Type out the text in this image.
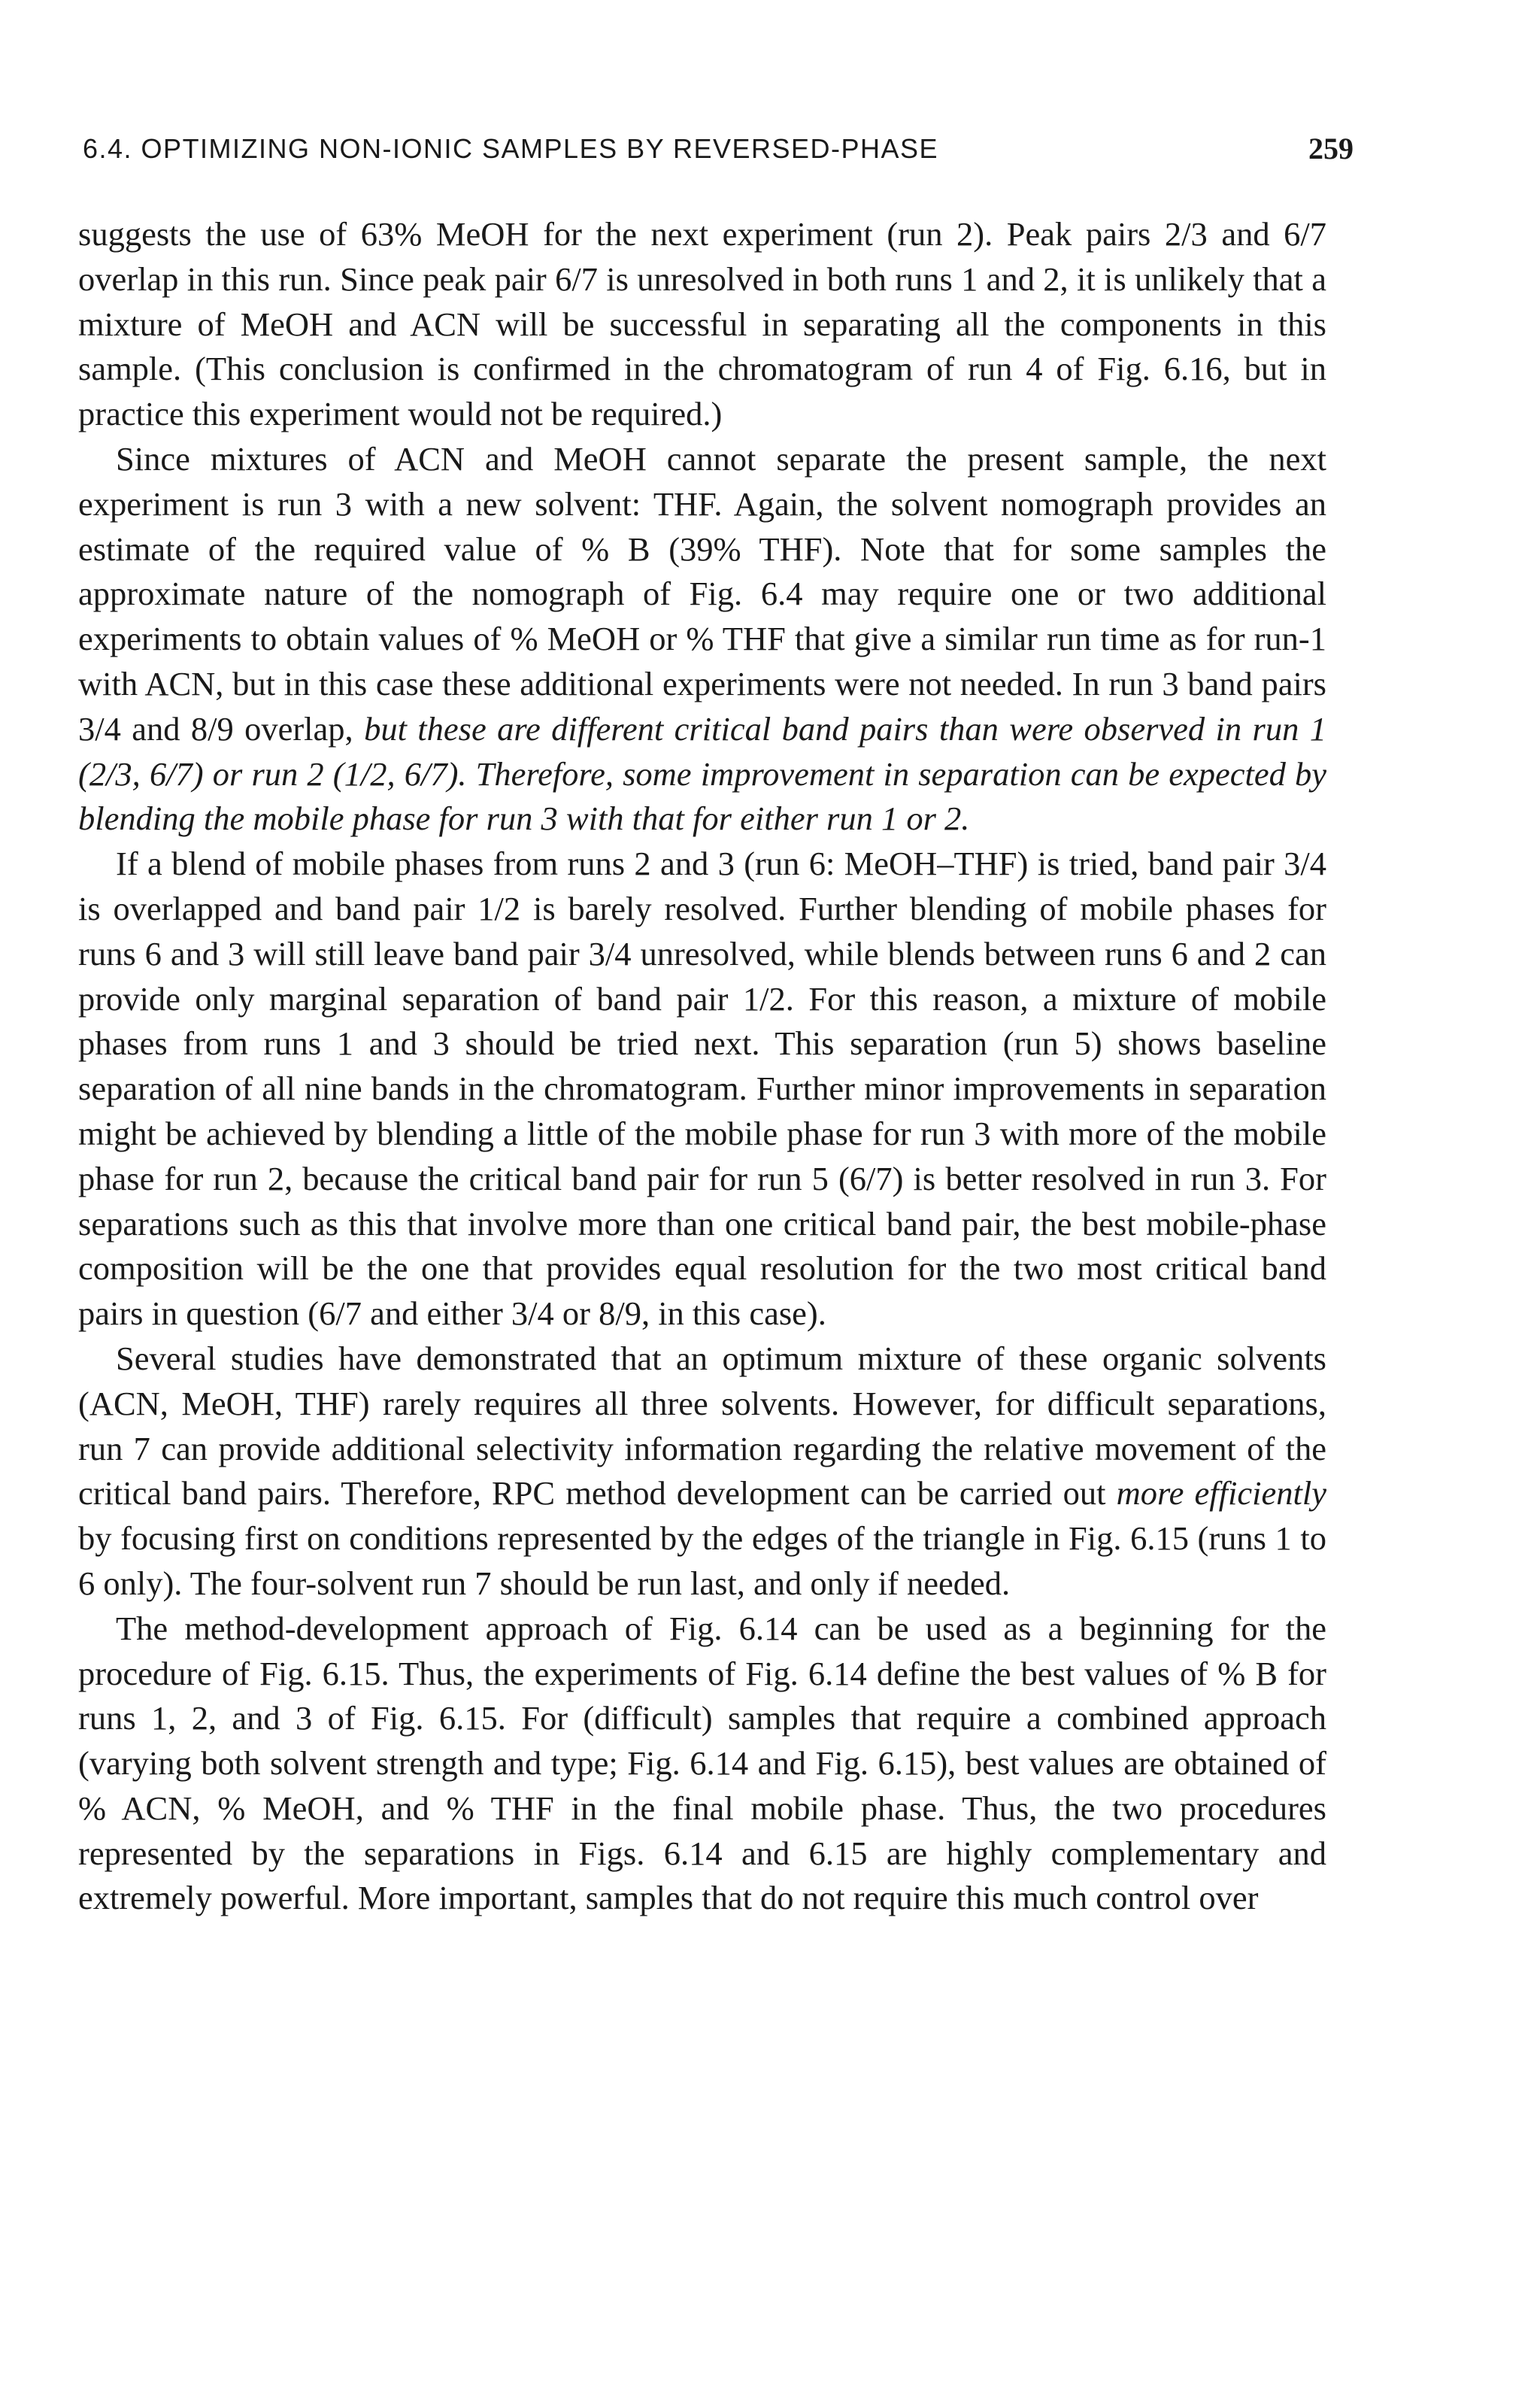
6.4. OPTIMIZING NON-IONIC SAMPLES BY REVERSED-PHASE	259

suggests the use of 63% MeOH for the next experiment (run 2). Peak pairs 2/3 and 6/7 overlap in this run. Since peak pair 6/7 is unresolved in both runs 1 and 2, it is unlikely that a mixture of MeOH and ACN will be successful in separating all the components in this sample. (This conclusion is confirmed in the chromatogram of run 4 of Fig. 6.16, but in practice this experiment would not be required.)

Since mixtures of ACN and MeOH cannot separate the present sample, the next experiment is run 3 with a new solvent: THF. Again, the solvent nomograph provides an estimate of the required value of % B (39% THF). Note that for some samples the approximate nature of the nomograph of Fig. 6.4 may require one or two additional experiments to obtain values of % MeOH or % THF that give a similar run time as for run-1 with ACN, but in this case these additional experiments were not needed. In run 3 band pairs 3/4 and 8/9 overlap, but these are different critical band pairs than were observed in run 1 (2/3, 6/7) or run 2 (1/2, 6/7). Therefore, some improvement in separation can be expected by blending the mobile phase for run 3 with that for either run 1 or 2.

If a blend of mobile phases from runs 2 and 3 (run 6: MeOH–THF) is tried, band pair 3/4 is overlapped and band pair 1/2 is barely resolved. Further blending of mobile phases for runs 6 and 3 will still leave band pair 3/4 unresolved, while blends between runs 6 and 2 can provide only marginal separation of band pair 1/2. For this reason, a mixture of mobile phases from runs 1 and 3 should be tried next. This separation (run 5) shows baseline separation of all nine bands in the chromatogram. Further minor improvements in separation might be achieved by blending a little of the mobile phase for run 3 with more of the mobile phase for run 2, because the critical band pair for run 5 (6/7) is better resolved in run 3. For separations such as this that involve more than one critical band pair, the best mobile-phase composition will be the one that provides equal resolution for the two most critical band pairs in question (6/7 and either 3/4 or 8/9, in this case).

Several studies have demonstrated that an optimum mixture of these organic solvents (ACN, MeOH, THF) rarely requires all three solvents. However, for difficult separations, run 7 can provide additional selectivity information regarding the relative movement of the critical band pairs. Therefore, RPC method development can be carried out more efficiently by focusing first on conditions represented by the edges of the triangle in Fig. 6.15 (runs 1 to 6 only). The four-solvent run 7 should be run last, and only if needed.

The method-development approach of Fig. 6.14 can be used as a beginning for the procedure of Fig. 6.15. Thus, the experiments of Fig. 6.14 define the best values of % B for runs 1, 2, and 3 of Fig. 6.15. For (difficult) samples that require a combined approach (varying both solvent strength and type; Fig. 6.14 and Fig. 6.15), best values are obtained of % ACN, % MeOH, and % THF in the final mobile phase. Thus, the two procedures represented by the separations in Figs. 6.14 and 6.15 are highly complementary and extremely powerful. More important, samples that do not require this much control over
